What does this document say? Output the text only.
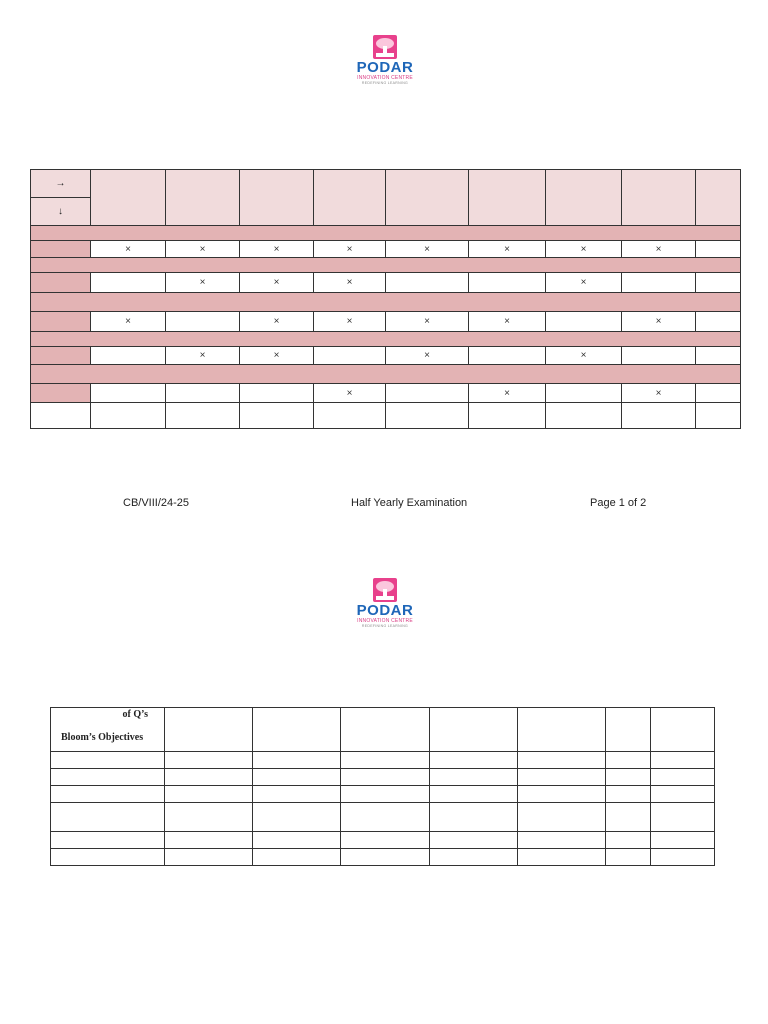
PODAR
INNOVATION CENTRE
REDEFINING LEARNING
→									
↓									

	×	×	×	×	×	×	×	×	

		×	×	×			×		

	×		×	×	×	×		×	

		×	×		×		×		

				×		×		×	

CB/VIII/24-25	Half Yearly Examination	Page 1 of 2
PODAR
INNOVATION CENTRE
REDEFINING LEARNING
of Q’s
Bloom’s Objectives							
